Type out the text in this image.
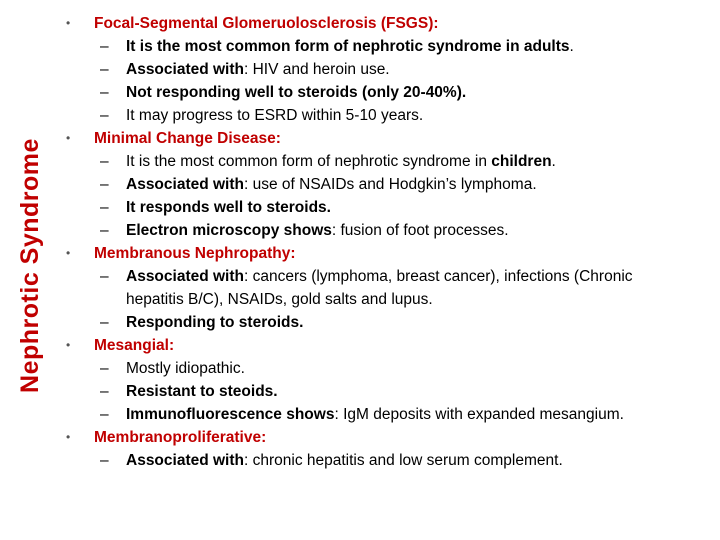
Nephrotic Syndrome
• Focal-Segmental Glomeruolosclerosis (FSGS):
– It is the most common form of nephrotic syndrome in adults.
– Associated with: HIV and heroin use.
– Not responding well to steroids (only 20-40%).
– It may progress to ESRD within 5-10 years.
• Minimal Change Disease:
– It is the most common form of nephrotic syndrome in children.
– Associated with: use of NSAIDs and Hodgkin’s lymphoma.
– It responds well to steroids.
– Electron microscopy shows: fusion of foot processes.
• Membranous Nephropathy:
– Associated with: cancers (lymphoma, breast cancer), infections (Chronic
hepatitis B/C), NSAIDs, gold salts and lupus.
– Responding to steroids.
• Mesangial:
– Mostly idiopathic.
– Resistant to steoids.
– Immunofluorescence shows: IgM deposits with expanded mesangium.
• Membranoproliferative:
– Associated with: chronic hepatitis and low serum complement.
